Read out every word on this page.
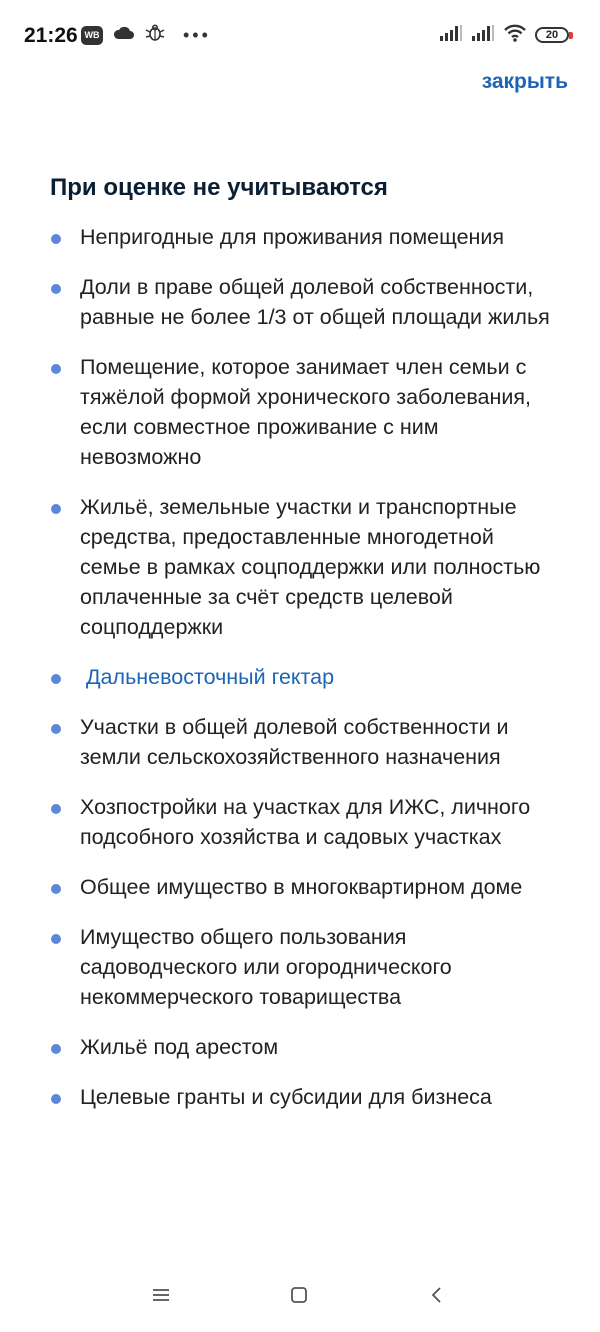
21:26 WB	•••	20
закрыть
При оценке не учитываются
Непригодные для проживания помещения
Доли в праве общей долевой собственности, равные не более 1/3 от общей площади жилья
Помещение, которое занимает член семьи с тяжёлой формой хронического заболевания, если совместное проживание с ним невозможно
Жильё, земельные участки и транспортные средства, предоставленные многодетной семье в рамках соцподдержки или полностью оплаченные за счёт средств целевой соцподдержки
Дальневосточный гектар
Участки в общей долевой собственности и земли сельскохозяйственного назначения
Хозпостройки на участках для ИЖС, личного подсобного хозяйства и садовых участках
Общее имущество в многоквартирном доме
Имущество общего пользования садоводческого или огороднического некоммерческого товарищества
Жильё под арестом
Целевые гранты и субсидии для бизнеса
